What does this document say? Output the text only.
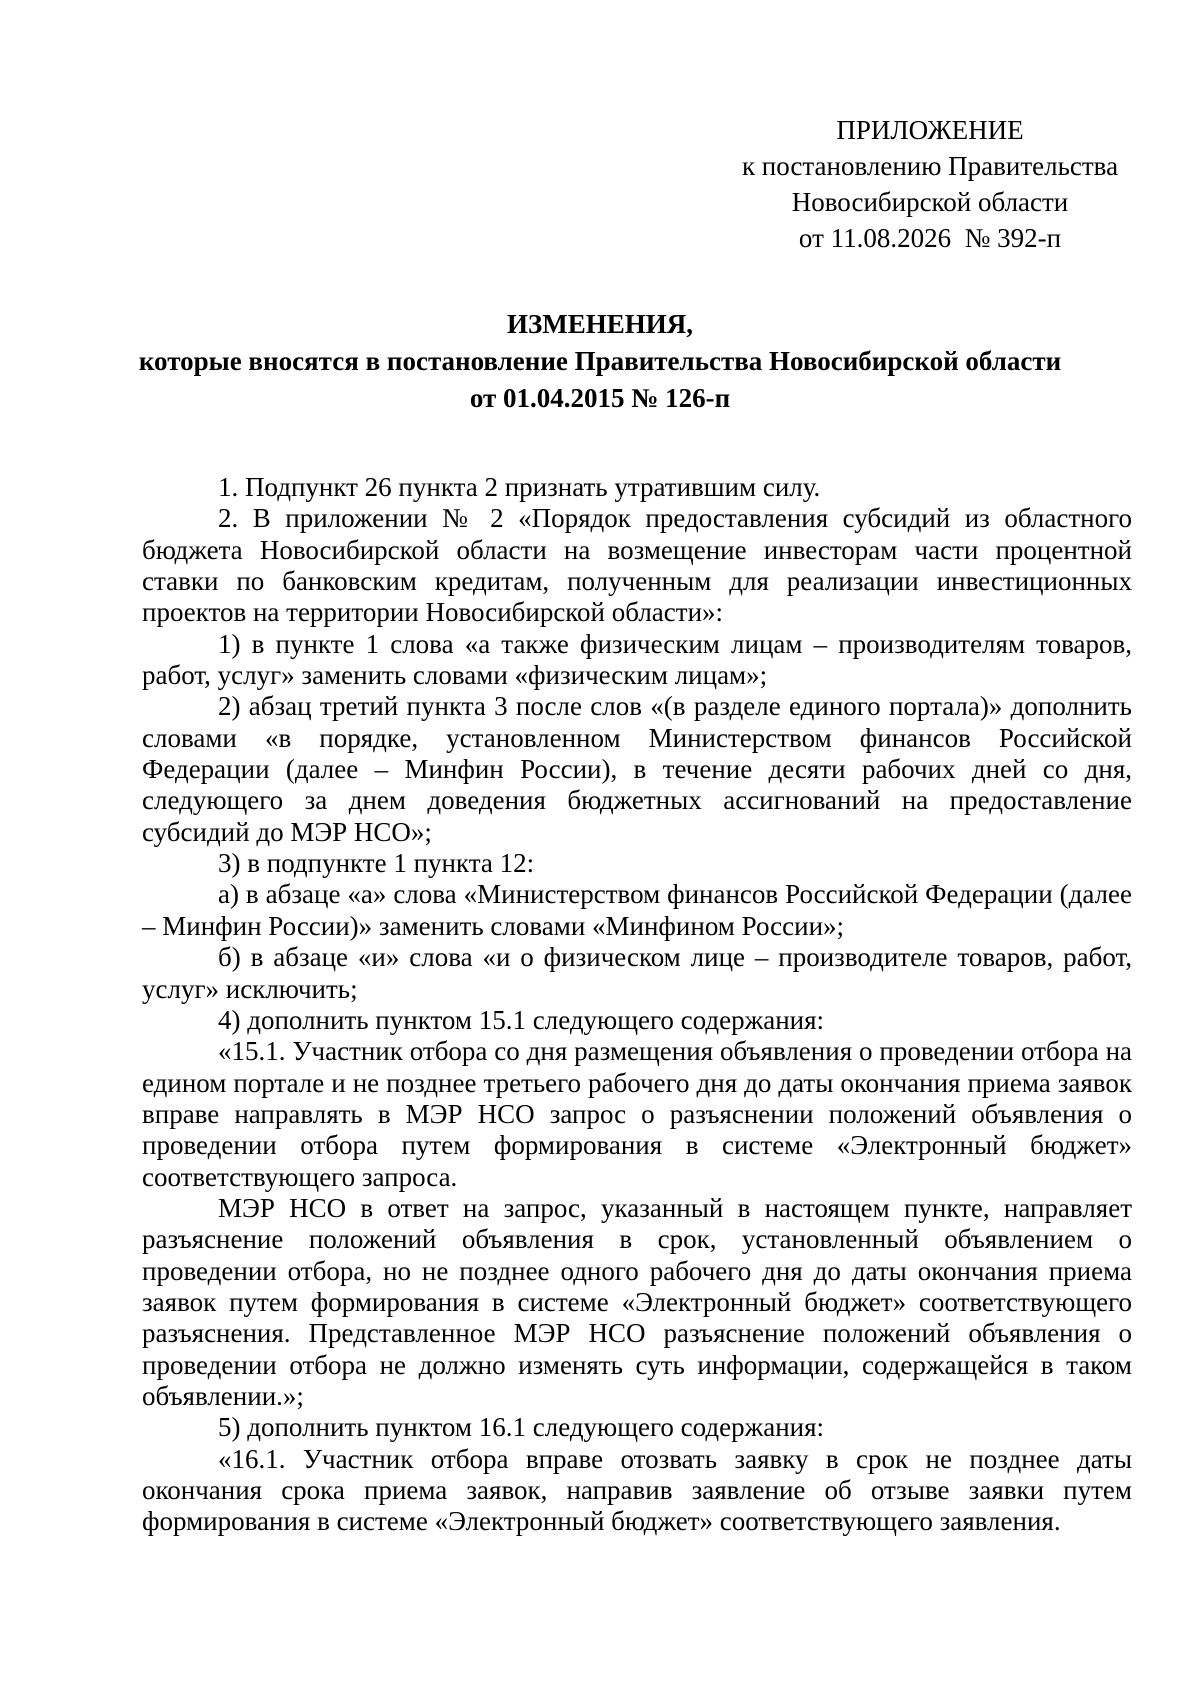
ПРИЛОЖЕНИЕ
к постановлению Правительства
Новосибирской области
от 11.08.2026  № 392-п
ИЗМЕНЕНИЯ,
которые вносятся в постановление Правительства Новосибирской области
от 01.04.2015 № 126-п

1. Подпункт 26 пункта 2 признать утратившим силу.

2. В приложении № 2 «Порядок предоставления субсидий из областного бюджета Новосибирской области на возмещение инвесторам части процентной ставки по банковским кредитам, полученным для реализации инвестиционных проектов на территории Новосибирской области»:

1) в пункте 1 слова «а также физическим лицам – производителям товаров, работ, услуг» заменить словами «физическим лицам»;

2) абзац третий пункта 3 после слов «(в разделе единого портала)» дополнить словами «в порядке, установленном Министерством финансов Российской Федерации (далее – Минфин России), в течение десяти рабочих дней со дня, следующего за днем доведения бюджетных ассигнований на предоставление субсидий до МЭР НСО»;

3) в подпункте 1 пункта 12:

а) в абзаце «а» слова «Министерством финансов Российской Федерации (далее – Минфин России)» заменить словами «Минфином России»;

б) в абзаце «и» слова «и о физическом лице – производителе товаров, работ, услуг» исключить;

4) дополнить пунктом 15.1 следующего содержания:

«15.1. Участник отбора со дня размещения объявления о проведении отбора на едином портале и не позднее третьего рабочего дня до даты окончания приема заявок вправе направлять в МЭР НСО запрос о разъяснении положений объявления о проведении отбора путем формирования в системе «Электронный бюджет» соответствующего запроса.

МЭР НСО в ответ на запрос, указанный в настоящем пункте, направляет разъяснение положений объявления в срок, установленный объявлением о проведении отбора, но не позднее одного рабочего дня до даты окончания приема заявок путем формирования в системе «Электронный бюджет» соответствующего разъяснения. Представленное МЭР НСО разъяснение положений объявления о проведении отбора не должно изменять суть информации, содержащейся в таком объявлении.»;

5) дополнить пунктом 16.1 следующего содержания:

«16.1. Участник отбора вправе отозвать заявку в срок не позднее даты окончания срока приема заявок, направив заявление об отзыве заявки путем формирования в системе «Электронный бюджет» соответствующего заявления.
